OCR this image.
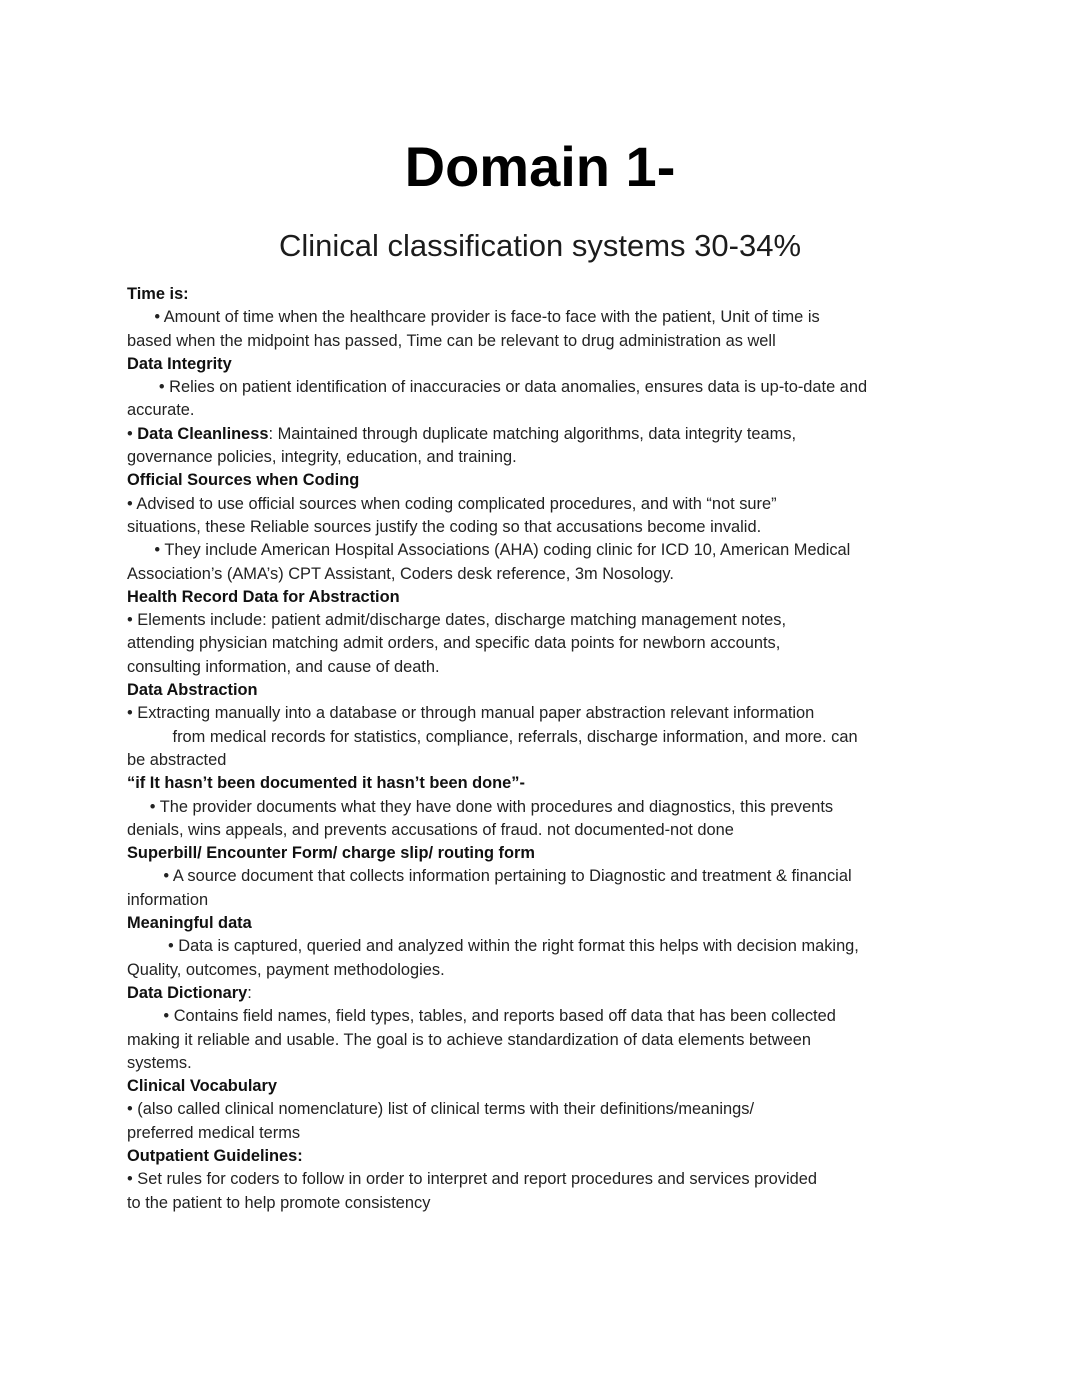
Domain 1-
Clinical classification systems 30-34%
Time is:
• Amount of time when the healthcare provider is face-to face with the patient, Unit of time is
based when the midpoint has passed, Time can be relevant to drug administration as well
Data Integrity
• Relies on patient identification of inaccuracies or data anomalies, ensures data is up-to-date and
accurate.
• Data Cleanliness: Maintained through duplicate matching algorithms, data integrity teams,
governance policies, integrity, education, and training.
Official Sources when Coding
• Advised to use official sources when coding complicated procedures, and with “not sure”
situations, these Reliable sources justify the coding so that accusations become invalid.
• They include American Hospital Associations (AHA) coding clinic for ICD 10, American Medical
Association’s (AMA’s) CPT Assistant, Coders desk reference, 3m Nosology.
Health Record Data for Abstraction
• Elements include: patient admit/discharge dates, discharge matching management notes,
attending physician matching admit orders, and specific data points for newborn accounts,
consulting information, and cause of death.
Data Abstraction
• Extracting manually into a database or through manual paper abstraction relevant information
from medical records for statistics, compliance, referrals, discharge information, and more. can
be abstracted
“if It hasn’t been documented it hasn’t been done”-
• The provider documents what they have done with procedures and diagnostics, this prevents
denials, wins appeals, and prevents accusations of fraud. not documented-not done
Superbill/ Encounter Form/ charge slip/ routing form
• A source document that collects information pertaining to Diagnostic and treatment & financial
information
Meaningful data
• Data is captured, queried and analyzed within the right format this helps with decision making,
Quality, outcomes, payment methodologies.
Data Dictionary:
• Contains field names, field types, tables, and reports based off data that has been collected
making it reliable and usable. The goal is to achieve standardization of data elements between
systems.
Clinical Vocabulary
• (also called clinical nomenclature) list of clinical terms with their definitions/meanings/
preferred medical terms
Outpatient Guidelines:
• Set rules for coders to follow in order to interpret and report procedures and services provided
to the patient to help promote consistency
